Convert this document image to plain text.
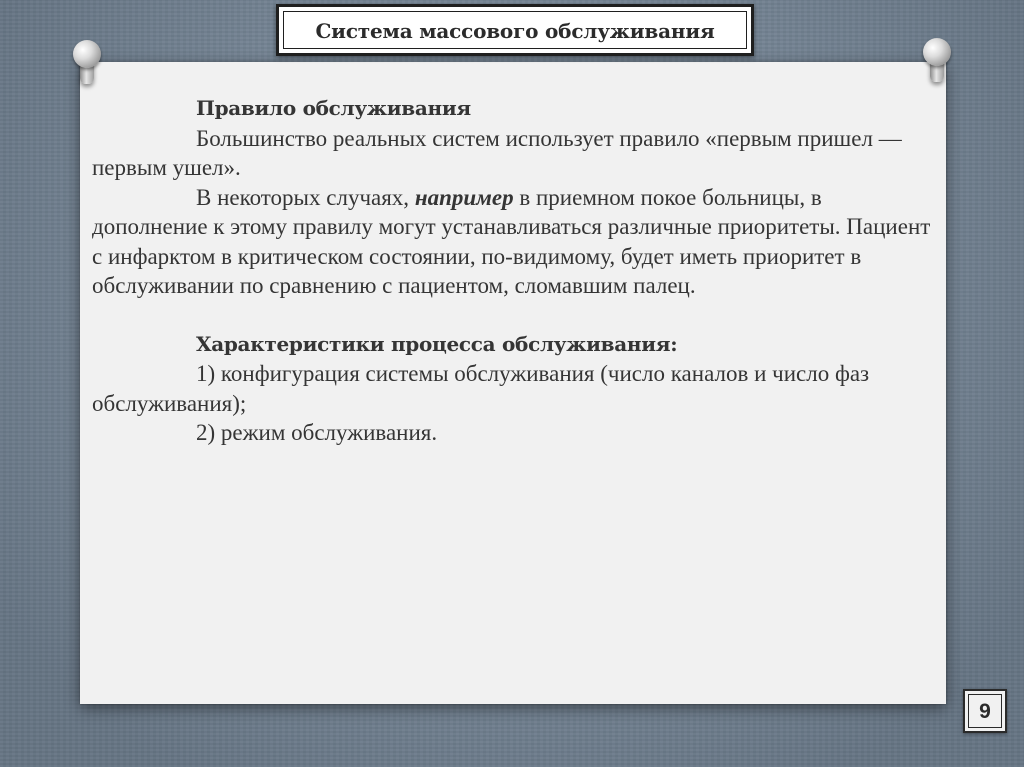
Правило обслуживания

Большинство реальных систем использует правило «первым пришел — первым ушел».

В некоторых случаях, например в приемном покое больницы, в дополнение к этому правилу могут устанавливаться различные приоритеты. Пациент с инфарктом в критическом состоянии, по-видимому, будет иметь приоритет в обслуживании по сравнению с пациентом, сломавшим палец.

Характеристики процесса обслуживания:

1) конфигурация системы обслуживания (число каналов и число фаз обслуживания);

2) режим обслуживания.

Система массового обслуживания
9
